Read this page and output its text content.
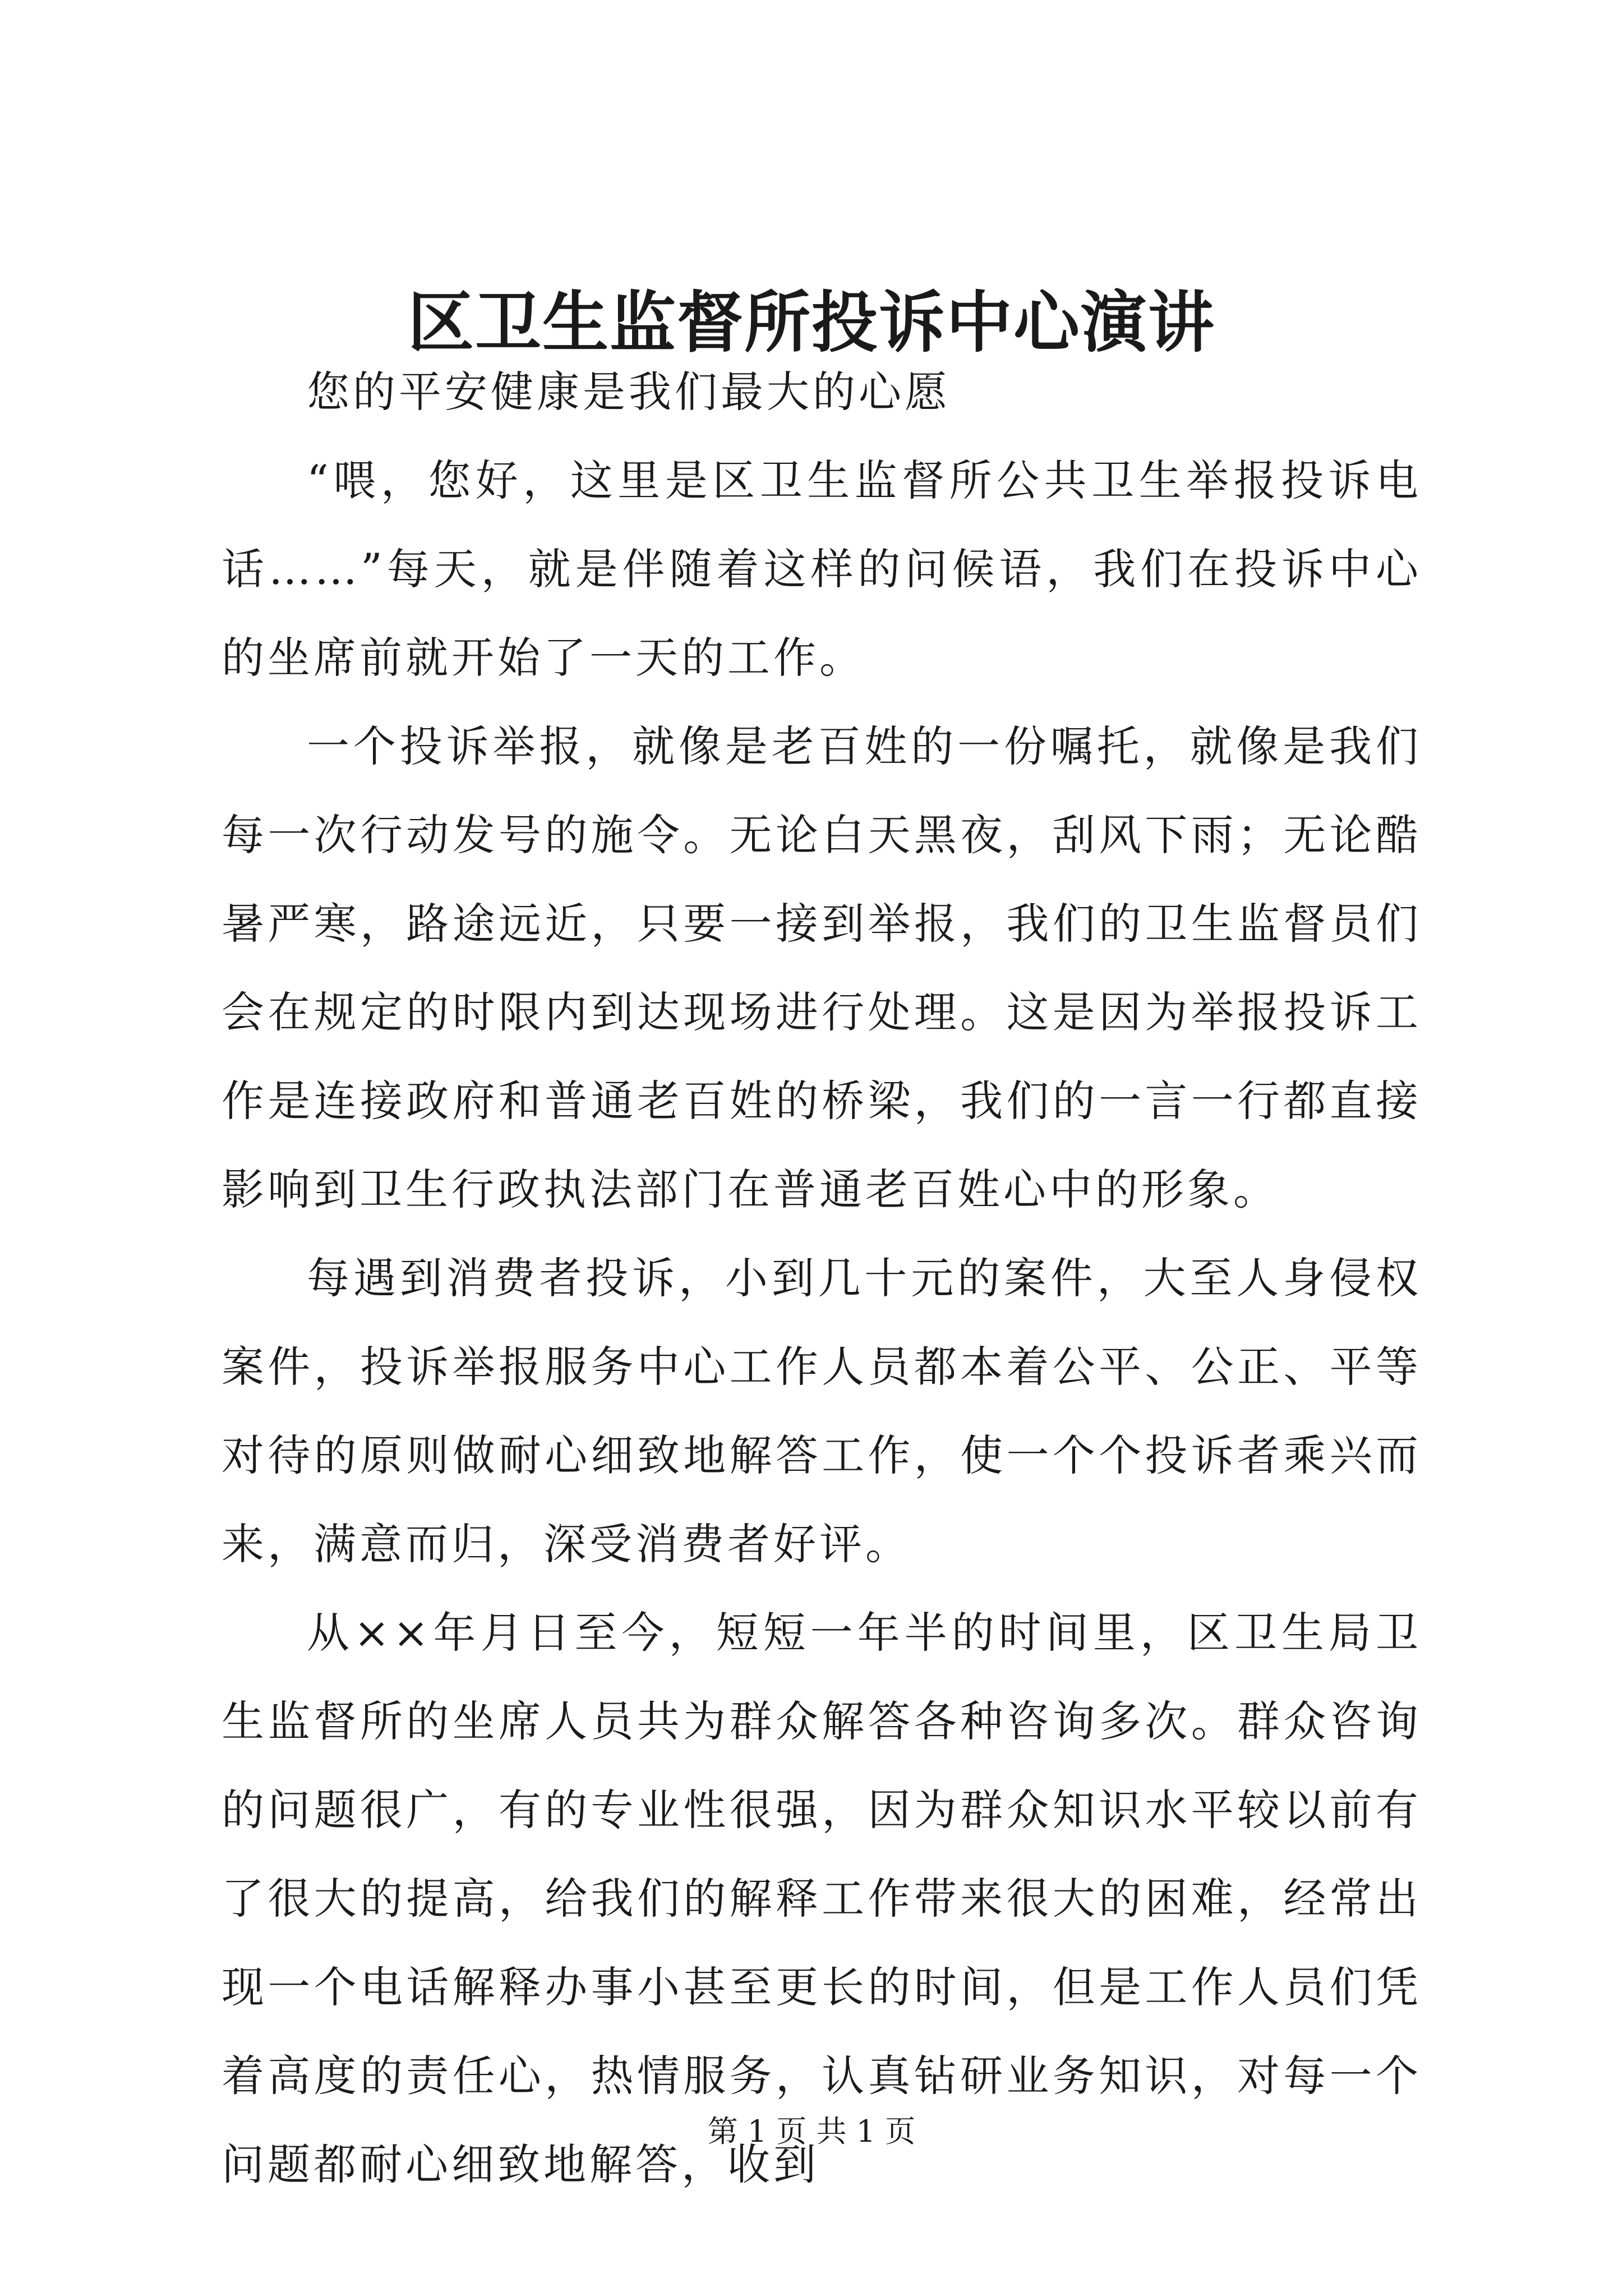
区卫生监督所投诉中心演讲

您的平安健康是我们最大的心愿

“喂，您好，这里是区卫生监督所公共卫生举报投诉电话……”每天，就是伴随着这样的问候语，我们在投诉中心的坐席前就开始了一天的工作。

一个投诉举报，就像是老百姓的一份嘱托，就像是我们每一次行动发号的施令。无论白天黑夜，刮风下雨；无论酷暑严寒，路途远近，只要一接到举报，我们的卫生监督员们会在规定的时限内到达现场进行处理。这是因为举报投诉工作是连接政府和普通老百姓的桥梁，我们的一言一行都直接影响到卫生行政执法部门在普通老百姓心中的形象。

每遇到消费者投诉，小到几十元的案件，大至人身侵权案件，投诉举报服务中心工作人员都本着公平、公正、平等对待的原则做耐心细致地解答工作，使一个个投诉者乘兴而来，满意而归，深受消费者好评。

从××年月日至今，短短一年半的时间里，区卫生局卫生监督所的坐席人员共为群众解答各种咨询多次。群众咨询的问题很广，有的专业性很强，因为群众知识水平较以前有了很大的提高，给我们的解释工作带来很大的困难，经常出现一个电话解释办事小甚至更长的时间，但是工作人员们凭着高度的责任心，热情服务，认真钻研业务知识，对每一个问题都耐心细致地解答，收到

第 1 页 共 1 页
